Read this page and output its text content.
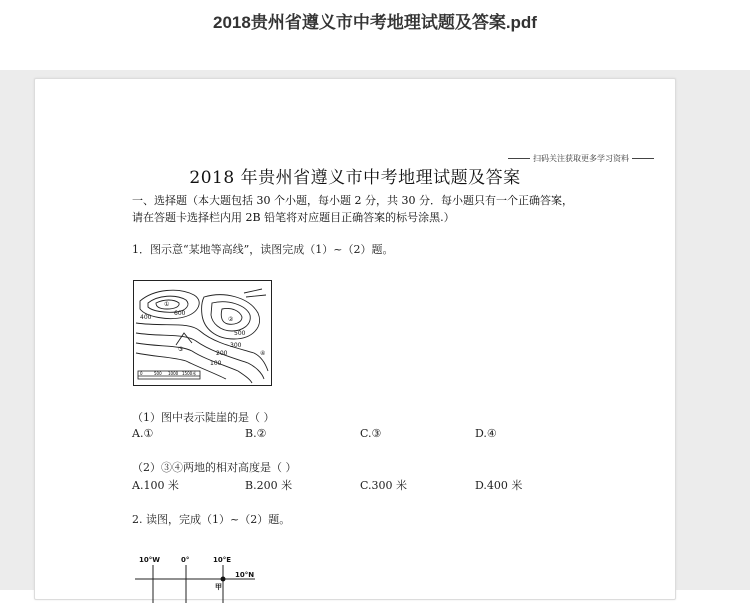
2018贵州省遵义市中考地理试题及答案.pdf
扫码关注获取更多学习资料
2018 年贵州省遵义市中考地理试题及答案
一、选择题（本大题包括 30 个小题，每小题 2 分，共 30 分．每小题只有一个正确答案，
请在答题卡选择栏内用 2B 铅笔将对应题目正确答案的标号涂黑.）
1．图示意“某地等高线”，读图完成（1）~（2）题。
①
②
③
④
600
500
400
300
200
100
0	500 1000 1500米
（1）图中表示陡崖的是（ ）
A.①	B.②	C.③	D.④
（2）③④两地的相对高度是（ ）
A.100 米	B.200 米	C.300 米	D.400 米
2. 读图，完成（1）~（2）题。
10°W	0°	10°E
10°N
甲
